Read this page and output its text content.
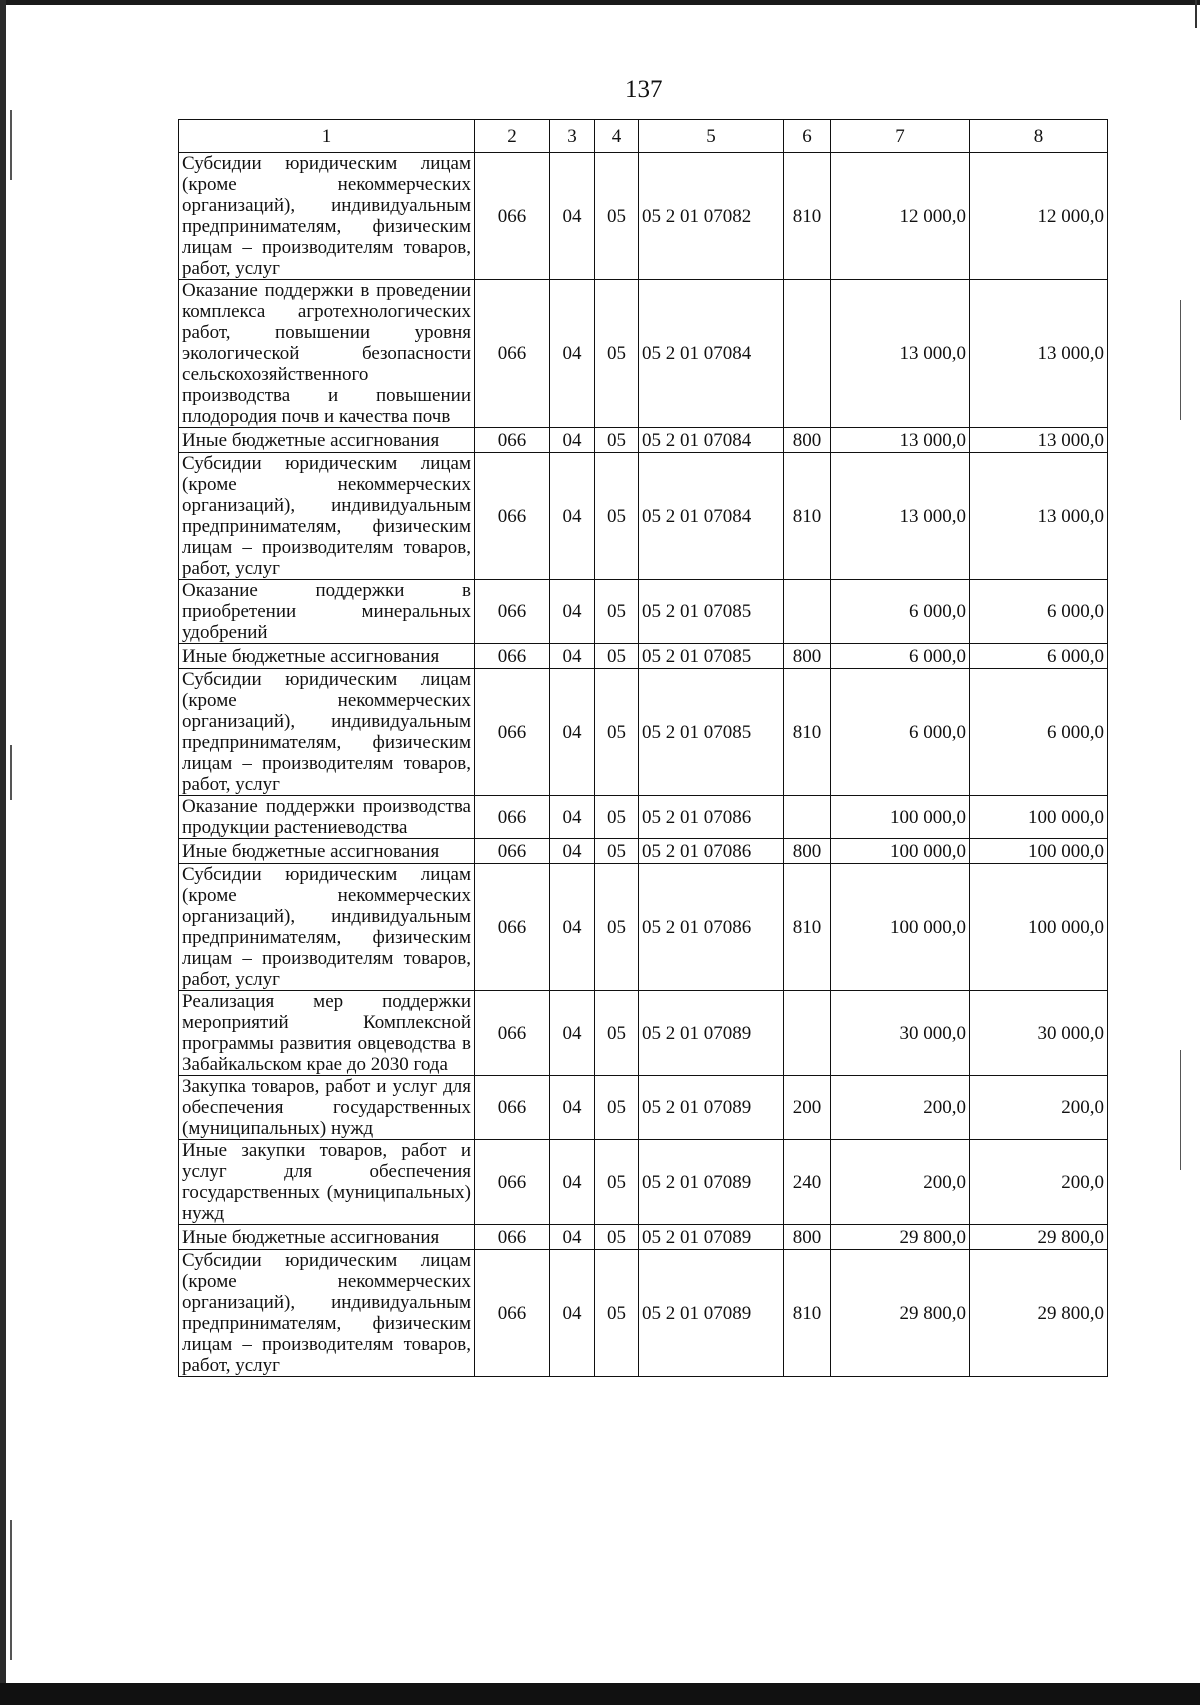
137
1	2	3	4	5	6	7	8
Субсидии юридическим лицам (кроме некоммерческих организаций), индивидуальным предпринимателям, физическим лицам – производителям товаров, работ, услуг	066	04	05	05 2 01 07082	810	12 000,0	12 000,0
Оказание поддержки в проведении комплекса агротехнологических работ, повышении уровня экологической безопасности сельскохозяйственного производства и повышении плодородия почв и качества почв	066	04	05	05 2 01 07084		13 000,0	13 000,0
Иные бюджетные ассигнования	066	04	05	05 2 01 07084	800	13 000,0	13 000,0
Субсидии юридическим лицам (кроме некоммерческих организаций), индивидуальным предпринимателям, физическим лицам – производителям товаров, работ, услуг	066	04	05	05 2 01 07084	810	13 000,0	13 000,0
Оказание поддержки в приобретении минеральных удобрений	066	04	05	05 2 01 07085		6 000,0	6 000,0
Иные бюджетные ассигнования	066	04	05	05 2 01 07085	800	6 000,0	6 000,0
Субсидии юридическим лицам (кроме некоммерческих организаций), индивидуальным предпринимателям, физическим лицам – производителям товаров, работ, услуг	066	04	05	05 2 01 07085	810	6 000,0	6 000,0
Оказание поддержки производства продукции растениеводства	066	04	05	05 2 01 07086		100 000,0	100 000,0
Иные бюджетные ассигнования	066	04	05	05 2 01 07086	800	100 000,0	100 000,0
Субсидии юридическим лицам (кроме некоммерческих организаций), индивидуальным предпринимателям, физическим лицам – производителям товаров, работ, услуг	066	04	05	05 2 01 07086	810	100 000,0	100 000,0
Реализация мер поддержки мероприятий Комплексной программы развития овцеводства в Забайкальском крае до 2030 года	066	04	05	05 2 01 07089		30 000,0	30 000,0
Закупка товаров, работ и услуг для обеспечения государственных (муниципальных) нужд	066	04	05	05 2 01 07089	200	200,0	200,0
Иные закупки товаров, работ и услуг для обеспечения государственных (муниципальных) нужд	066	04	05	05 2 01 07089	240	200,0	200,0
Иные бюджетные ассигнования	066	04	05	05 2 01 07089	800	29 800,0	29 800,0
Субсидии юридическим лицам (кроме некоммерческих организаций), индивидуальным предпринимателям, физическим лицам – производителям товаров, работ, услуг	066	04	05	05 2 01 07089	810	29 800,0	29 800,0
